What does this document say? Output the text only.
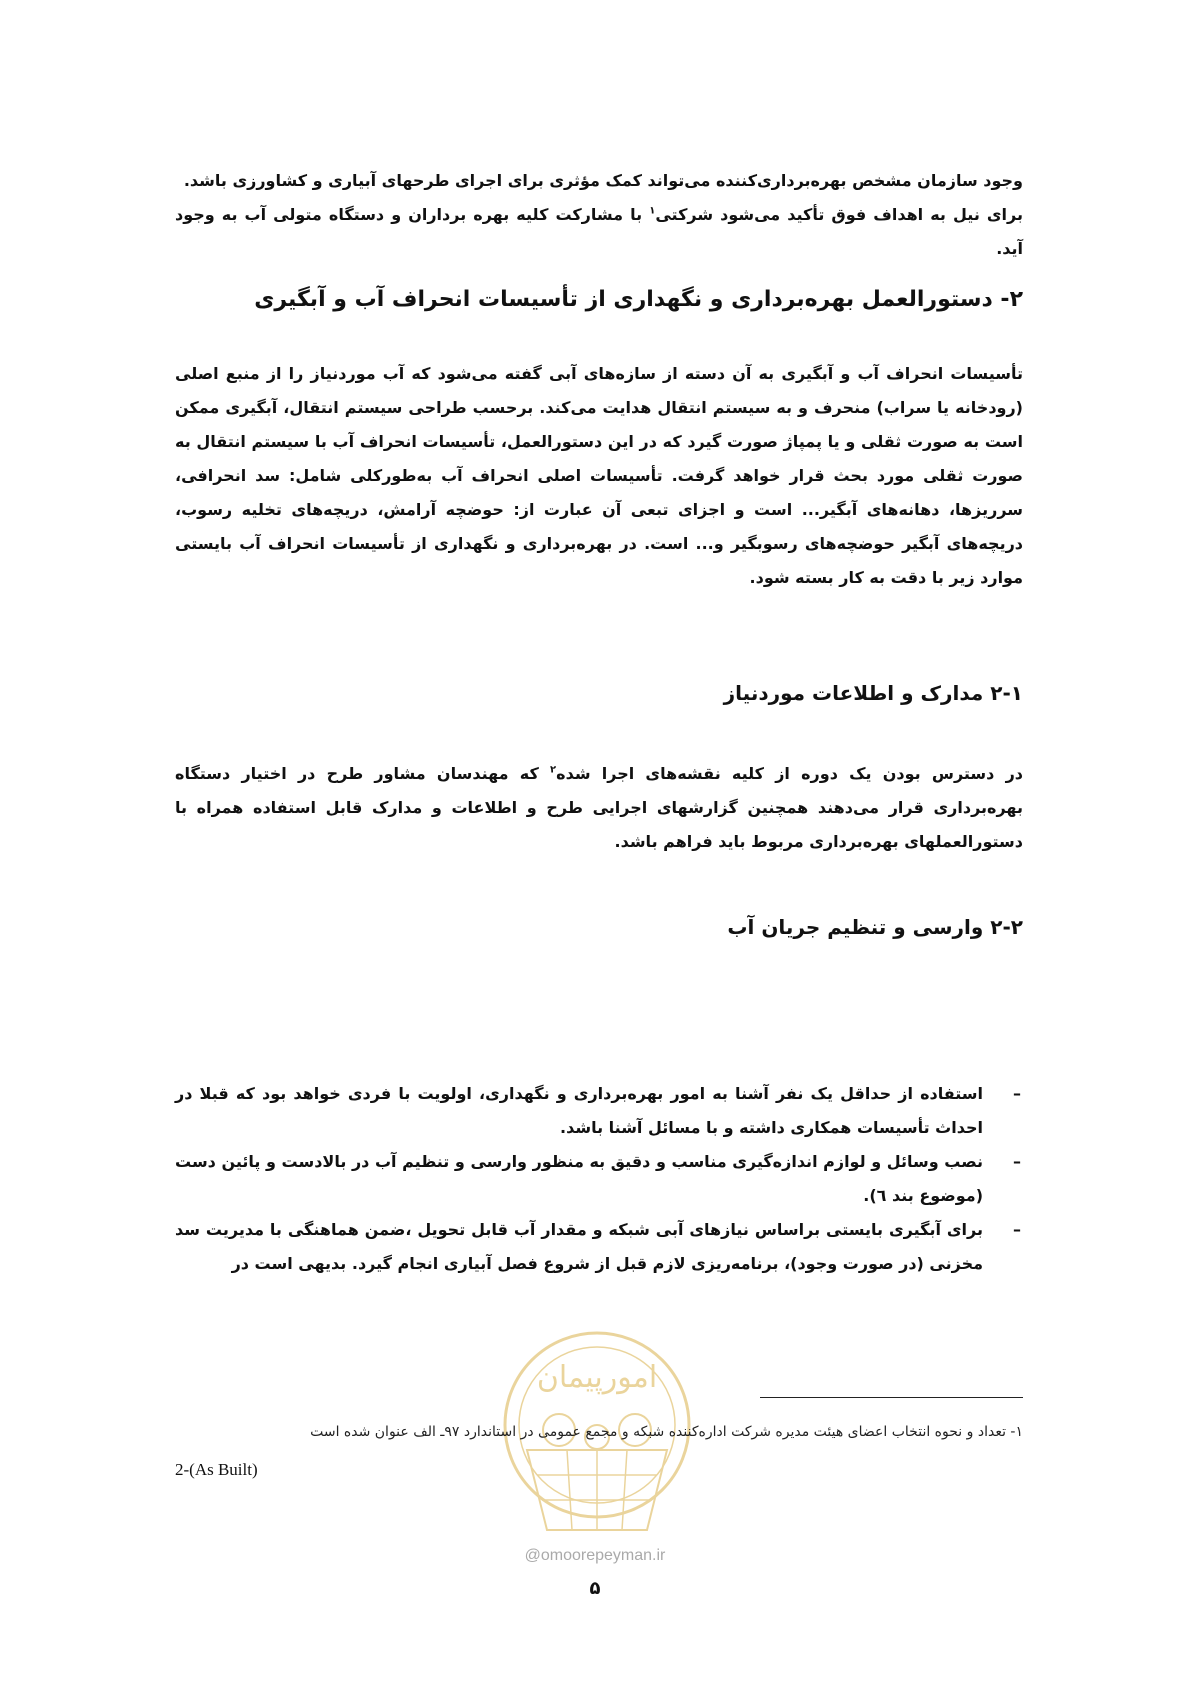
وجود سازمان مشخص بهره‌برداری‌کننده می‌تواند کمک مؤثری برای اجرای طرحهای آبیاری و کشاورزی باشد.
برای نیل به اهداف فوق تأکید می‌شود شرکتی$^۱$ با مشارکت کلیه بهره برداران و دستگاه متولی آب به وجود آید.

۲- دستورالعمل بهره‌برداری و نگهداری از تأسیسات انحراف آب و آبگیری

تأسیسات انحراف آب و آبگیری به آن دسته از سازه‌های آبی گفته می‌شود که آب موردنیاز را از منبع اصلی (رودخانه یا سراب) منحرف و به سیستم انتقال هدایت می‌کند. برحسب طراحی سیستم انتقال، آبگیری ممکن است به صورت ثقلی و یا پمپاژ صورت گیرد که در این دستورالعمل، تأسیسات انحراف آب با سیستم انتقال به صورت ثقلی مورد بحث قرار خواهد گرفت. تأسیسات اصلی انحراف آب به‌طورکلی شامل: سد انحرافی، سرریزها، دهانه‌های آبگیر... است و اجزای تبعی آن عبارت از: حوضچه آرامش، دریچه‌های تخلیه رسوب، دریچه‌های آبگیر حوضچه‌های رسوبگیر و... است. در بهره‌برداری و نگهداری از تأسیسات انحراف آب بایستی موارد زیر با دقت به کار بسته شود.

۲-۱ مدارک و اطلاعات موردنیاز

در دسترس بودن یک دوره از کلیه نقشه‌های اجرا شده$^۲$ که مهندسان مشاور طرح در اختیار دستگاه بهره‌برداری قرار می‌دهند همچنین گزارشهای اجرایی طرح و اطلاعات و مدارک قابل استفاده همراه با دستورالعملهای بهره‌برداری مربوط باید فراهم باشد.

۲-۲ وارسی و تنظیم جریان آب
–
استفاده از حداقل یک نفر آشنا به امور بهره‌برداری و نگهداری، اولویت با فردی خواهد بود که قبلا در احداث تأسیسات همکاری داشته و با مسائل آشنا باشد.
–
نصب وسائل و لوازم اندازه‌گیری مناسب و دقیق به منظور وارسی و تنظیم آب در بالادست و پائین دست (موضوع بند ٦).
–
برای آبگیری بایستی براساس نیازهای آبی شبکه و مقدار آب قابل تحویل ،ضمن هماهنگی با مدیریت سد مخزنی (در صورت وجود)، برنامه‌ریزی لازم قبل از شروع فصل آبیاری انجام گیرد. بدیهی است در
امورپیمان

۱- تعداد و نحوه انتخاب اعضای هیئت مدیره شرکت اداره‌کننده شبکه و مجمع عمومی در استاندارد ۹۷ـ الف عنوان شده است

2-(As Built)
@omoorepeyman.ir
۵
